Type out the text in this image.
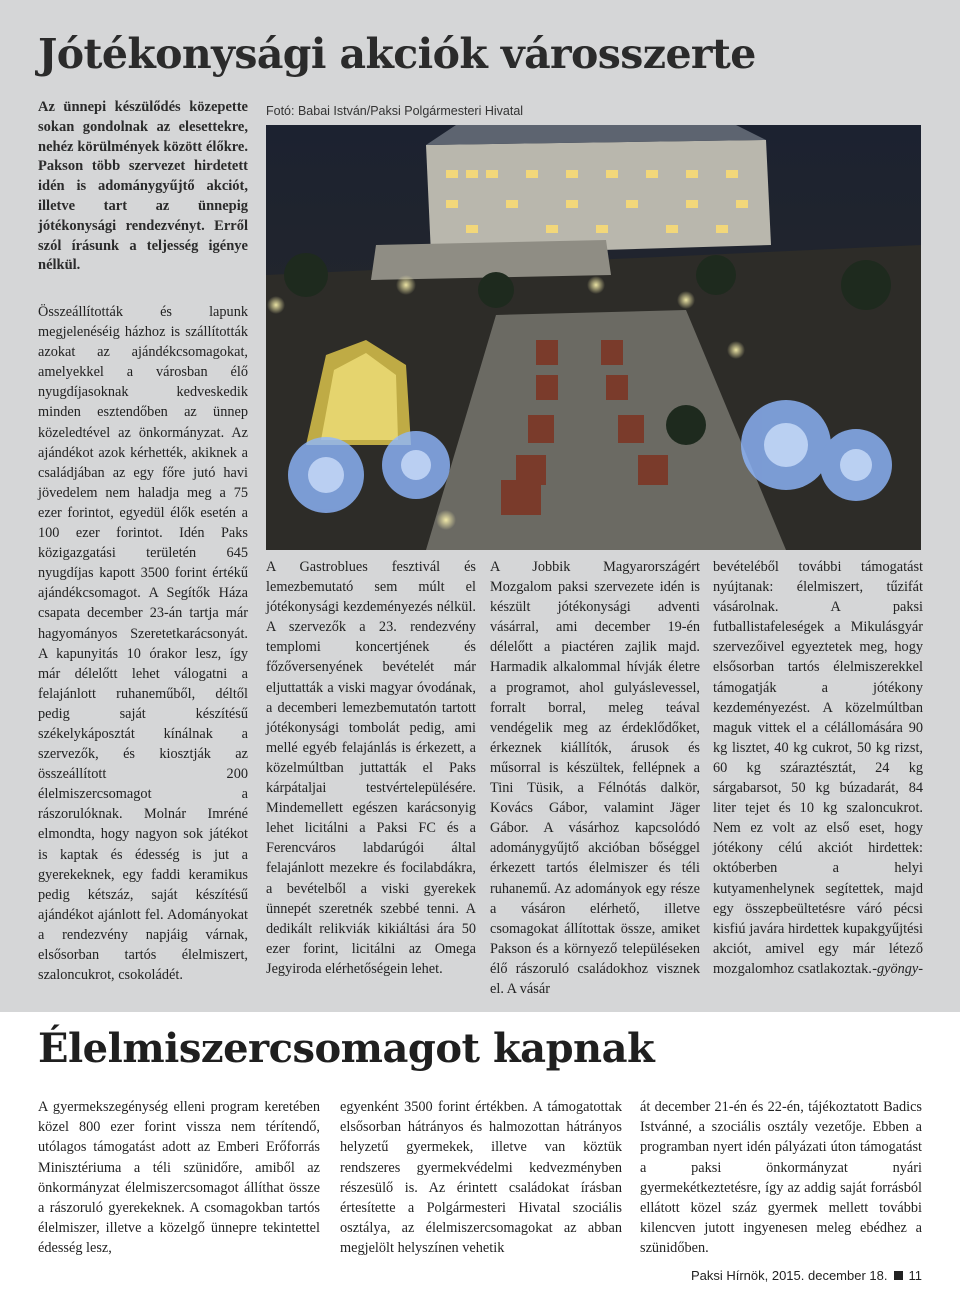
Jótékonysági akciók városszerte

Az ünnepi készülődés közepette sokan gondolnak az elesettekre, nehéz körülmények között élőkre. Pakson több szervezet hirdetett idén is adománygyűjtő akciót, illetve tart az ünnepig jótékonysági rendezvényt. Erről szól írásunk a teljesség igénye nélkül.

Összeállították és lapunk megjelenéséig házhoz is szállították azokat az ajándékcsomagokat, amelyekkel a városban élő nyugdíjasoknak kedveskedik minden esztendőben az ünnep közeledtével az önkormányzat. Az ajándékot azok kérhették, akiknek a családjában az egy főre jutó havi jövedelem nem haladja meg a 75 ezer forintot, egyedül élők esetén a 100 ezer forintot. Idén Paks közigazgatási területén 645 nyugdíjas kapott 3500 forint értékű ajándékcsomagot. A Segítők Háza csapata december 23-án tartja már hagyományos Szeretetkarácsonyát. A kapunyitás 10 órakor lesz, így már délelőtt lehet válogatni a felajánlott ruhaneműből, déltől pedig saját készítésű székelykáposztát kínálnak a szervezők, és kiosztják az összeállított 200 élelmiszercsomagot a rászorulóknak. Molnár Imréné elmondta, hogy nagyon sok játékot is kaptak és édesség is jut a gyerekeknek, egy faddi keramikus pedig kétszáz, saját készítésű ajándékot ajánlott fel. Adományokat a rendezvény napjáig várnak, elsősorban tartós élelmiszert, szaloncukrot, csokoládét.

Fotó: Babai István/Paksi Polgármesteri Hivatal

A Gastroblues fesztivál és lemezbemutató sem múlt el jótékonysági kezdeményezés nélkül. A szervezők a 23. rendezvény templomi koncertjének és főzőversenyének bevételét már eljuttatták a viski magyar óvodának, a decemberi lemezbemutatón tartott jótékonysági tombolát pedig, ami mellé egyéb felajánlás is érkezett, a közelmúltban juttatták el Paks kárpátaljai testvértelepülésére. Mindemellett egészen karácsonyig lehet licitálni a Paksi FC és a Ferencváros labdarúgói által felajánlott mezekre és focilabdákra, a bevételből a viski gyerekek ünnepét szeretnék szebbé tenni. A dedikált relikviák kikiáltási ára 50 ezer forint, licitálni az Omega Jegyiroda elérhetőségein lehet.

A Jobbik Magyarországért Mozgalom paksi szervezete idén is készült jótékonysági adventi vásárral, ami december 19-én délelőtt a piactéren zajlik majd. Harmadik alkalommal hívják életre a programot, ahol gulyáslevessel, forralt borral, meleg teával vendégelik meg az érdeklődőket, érkeznek kiállítók, árusok és műsorral is készültek, fellépnek a Tini Tüsik, a Félnótás dalkör, Kovács Gábor, valamint Jäger Gábor. A vásárhoz kapcsolódó adománygyűjtő akcióban bőséggel érkezett tartós élelmiszer és téli ruhanemű. Az adományok egy része a vásáron elérhető, illetve csomagokat állítottak össze, amiket Pakson és a környező településeken élő rászoruló családokhoz visznek el. A vásár

bevételéből további támogatást nyújtanak: élelmiszert, tűzifát vásárolnak. A paksi futballistafeleségek a Mikulásgyár szervezőivel egyeztetek meg, hogy elsősorban tartós élelmiszerekkel támogatják a jótékony kezdeményezést. A közelmúltban maguk vittek el a célállomására 90 kg lisztet, 40 kg cukrot, 50 kg rizst, 60 kg száraztésztát, 24 kg sárgabarsot, 50 kg búzadarát, 84 liter tejet és 10 kg szaloncukrot. Nem ez volt az első eset, hogy jótékony célú akciót hirdettek: októberben a helyi kutyamenhelynek segítettek, majd egy összepbeültetésre váró pécsi kisfiú javára hirdettek kupakgyűjtési akciót, amivel egy már létező mozgalomhoz csatlakoztak. -gyöngy-
Élelmiszercsomagot kapnak

A gyermekszegénység elleni program keretében közel 800 ezer forint vissza nem térítendő, utólagos támogatást adott az Emberi Erőforrás Minisztériuma a téli szünidőre, amiből az önkormányzat élelmiszercsomagot állíthat össze a rászoruló gyerekeknek. A csomagokban tartós élelmiszer, illetve a közelgő ünnepre tekintettel édesség lesz,

egyenként 3500 forint értékben. A támogatottak elsősorban hátrányos és halmozottan hátrányos helyzetű gyermekek, illetve van köztük rendszeres gyermekvédelmi kedvezményben részesülő is. Az érintett családokat írásban értesítette a Polgármesteri Hivatal szociális osztálya, az élelmiszercsomagokat az abban megjelölt helyszínen vehetik

át december 21-én és 22-én, tájékoztatott Badics Istvánné, a szociális osztály vezetője. Ebben a programban nyert idén pályázati úton támogatást a paksi önkormányzat nyári gyermekétkeztetésre, így az addig saját forrásból ellátott közel száz gyermek mellett további kilencven jutott ingyenesen meleg ebédhez a szünidőben.

Paksi Hírnök, 2015. december 18. 11
